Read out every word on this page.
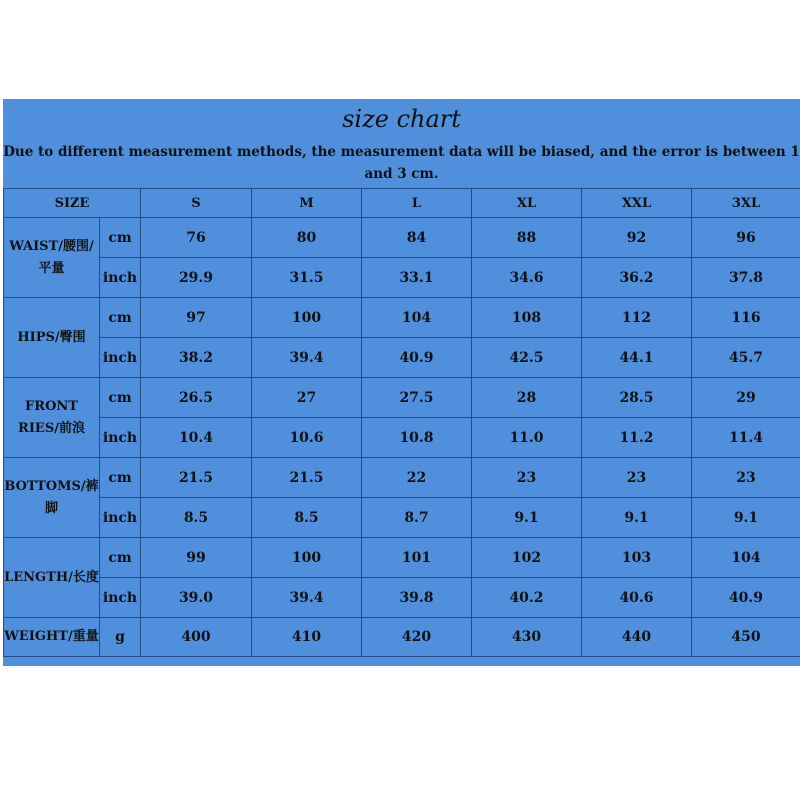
size chart
Due to different measurement methods, the measurement data will be biased, and the error is between 1 and 3 cm.
SIZE		S	M	L	XL	XXL	3XL
WAIST/腰围/平量	cm	76	80	84	88	92	96
	inch	29.9	31.5	33.1	34.6	36.2	37.8
HIPS/臀围	cm	97	100	104	108	112	116
	inch	38.2	39.4	40.9	42.5	44.1	45.7
FRONT RIES/前浪	cm	26.5	27	27.5	28	28.5	29
	inch	10.4	10.6	10.8	11.0	11.2	11.4
BOTTOMS/裤脚	cm	21.5	21.5	22	23	23	23
	inch	8.5	8.5	8.7	9.1	9.1	9.1
LENGTH/长度	cm	99	100	101	102	103	104
	inch	39.0	39.4	39.8	40.2	40.6	40.9
WEIGHT/重量	g	400	410	420	430	440	450
